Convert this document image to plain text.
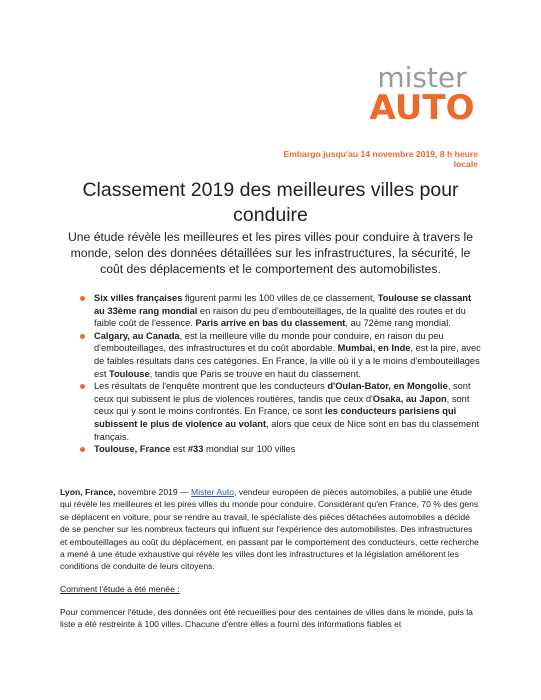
mister
AUTO
Embargo jusqu'au 14 novembre 2019, 8 h heure locale
Classement 2019 des meilleures villes pour conduire
Une étude révèle les meilleures et les pires villes pour conduire à travers le monde, selon des données détaillées sur les infrastructures, la sécurité, le coût des déplacements et le comportement des automobilistes.
Six villes françaises figurent parmi les 100 villes de ce classement, Toulouse se classant au 33ème rang mondial en raison du peu d'embouteillages, de la qualité des routes et du faible coût de l'essence. Paris arrive en bas du classement, au 72ème rang mondial.
Calgary, au Canada, est la meilleure ville du monde pour conduire, en raison du peu d'embouteillages, des infrastructures et du coût abordable. Mumbai, en Inde, est la pire, avec de faibles résultats dans ces catégories. En France, la ville où il y a le moins d'embouteillages est Toulouse, tandis que Paris se trouve en haut du classement.
Les résultats de l'enquête montrent que les conducteurs d'Oulan-Bator, en Mongolie, sont ceux qui subissent le plus de violences routières, tandis que ceux d'Osaka, au Japon, sont ceux qui y sont le moins confrontés. En France, ce sont les conducteurs parisiens qui subissent le plus de violence au volant, alors que ceux de Nice sont en bas du classement français.
Toulouse, France est #33 mondial sur 100 villes

Lyon, France, novembre 2019 — Mister Auto, vendeur européen de pièces automobiles, a publié une étude qui révèle les meilleures et les pires villes du monde pour conduire. Considérant qu'en France, 70 % des gens se déplacent en voiture, pour se rendre au travail, le spécialiste des pièces détachées automobiles a décidé de se pencher sur les nombreux facteurs qui influent sur l'expérience des automobilistes. Des infrastructures et embouteillages au coût du déplacement, en passant par le comportement des conducteurs, cette recherche a mené à une étude exhaustive qui révèle les villes dont les infrastructures et la législation améliorent les conditions de conduite de leurs citoyens.

Comment l'étude a été menée :

Pour commencer l'étude, des données ont été recueillies pour des centaines de villes dans le monde, puis la liste a été restreinte à 100 villes. Chacune d'entre elles a fourni des informations fiables et
